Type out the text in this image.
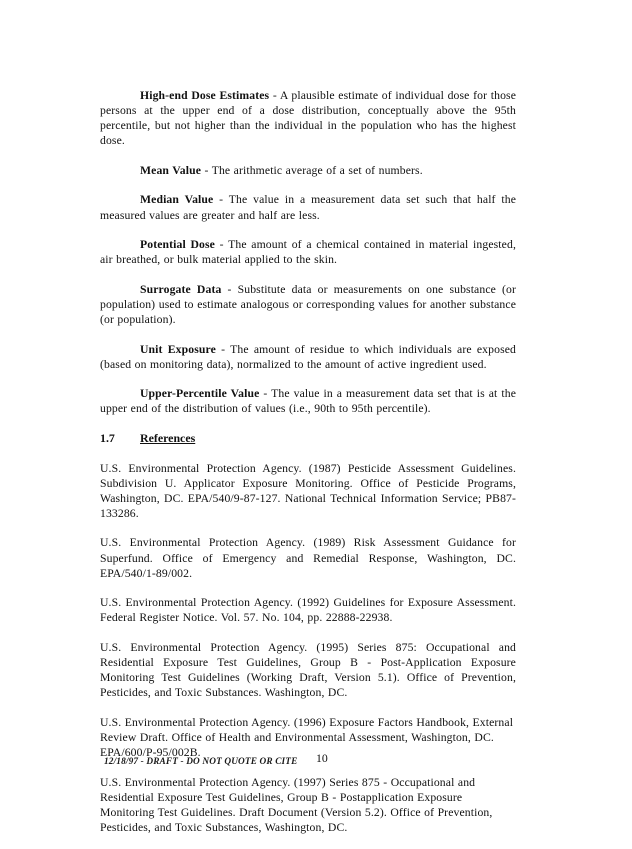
High-end Dose Estimates - A plausible estimate of individual dose for those persons at the upper end of a dose distribution, conceptually above the 95th percentile, but not higher than the individual in the population who has the highest dose.

Mean Value - The arithmetic average of a set of numbers.

Median Value - The value in a measurement data set such that half the measured values are greater and half are less.

Potential Dose - The amount of a chemical contained in material ingested, air breathed, or bulk material applied to the skin.

Surrogate Data - Substitute data or measurements on one substance (or population) used to estimate analogous or corresponding values for another substance (or population).

Unit Exposure - The amount of residue to which individuals are exposed (based on monitoring data), normalized to the amount of active ingredient used.

Upper-Percentile Value - The value in a measurement data set that is at the upper end of the distribution of values (i.e., 90th to 95th percentile).

1.7 References

U.S. Environmental Protection Agency. (1987) Pesticide Assessment Guidelines. Subdivision U. Applicator Exposure Monitoring. Office of Pesticide Programs, Washington, DC. EPA/540/9-87-127. National Technical Information Service; PB87-133286.

U.S. Environmental Protection Agency. (1989) Risk Assessment Guidance for Superfund. Office of Emergency and Remedial Response, Washington, DC. EPA/540/1-89/002.

U.S. Environmental Protection Agency. (1992) Guidelines for Exposure Assessment. Federal Register Notice. Vol. 57. No. 104, pp. 22888-22938.

U.S. Environmental Protection Agency. (1995) Series 875: Occupational and Residential Exposure Test Guidelines, Group B - Post-Application Exposure Monitoring Test Guidelines (Working Draft, Version 5.1). Office of Prevention, Pesticides, and Toxic Substances. Washington, DC.

U.S. Environmental Protection Agency. (1996) Exposure Factors Handbook, External Review Draft. Office of Health and Environmental Assessment, Washington, DC. EPA/600/P-95/002B.

U.S. Environmental Protection Agency. (1997) Series 875 - Occupational and Residential Exposure Test Guidelines, Group B - Postapplication Exposure Monitoring Test Guidelines. Draft Document (Version 5.2). Office of Prevention, Pesticides, and Toxic Substances, Washington, DC.

12/18/97 - DRAFT - DO NOT QUOTE OR CITE 10
